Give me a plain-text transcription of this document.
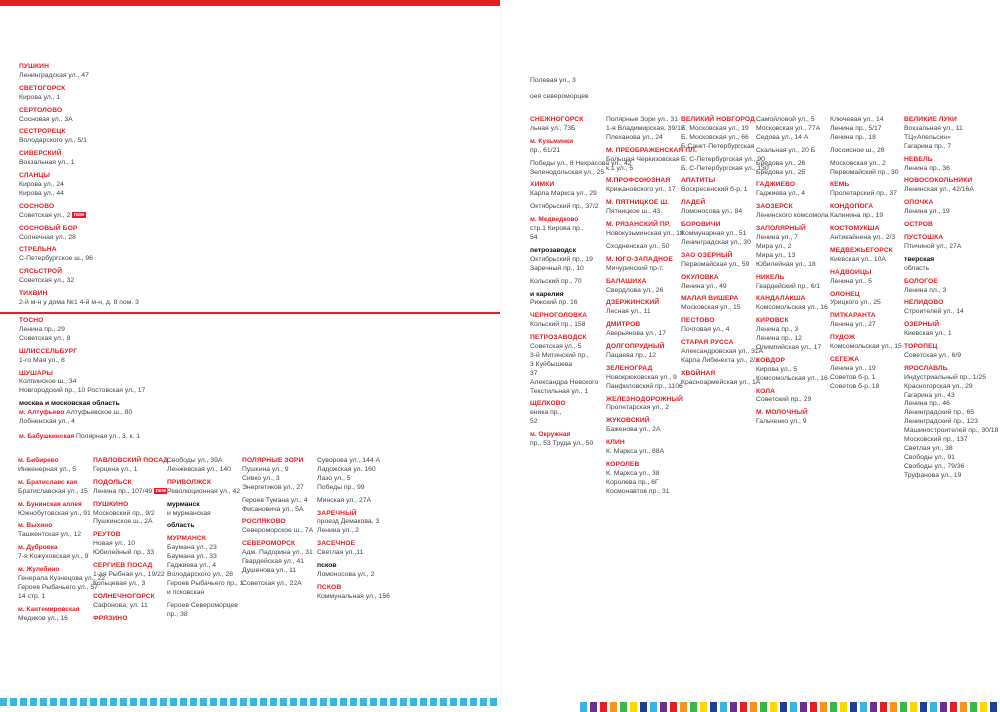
ПУШКИН
Ленинградская ул., 47
СВЕТОГОРСК
Кирова ул., 1
СЕРТОЛОВО
Сосновая ул., 3А
СЕСТРОРЕЦК
Володарского ул., 5/1
СИВЕРСКИЙ
Вокзальная ул., 1
СЛАНЦЫ
Кирова ул., 24
Кирова ул., 44
СОСНОВО
Советская ул., 2 new
СОСНОВЫЙ БОР
Солнечная ул., 28
СТРЕЛЬНА
С-Петербургское ш., 96
СЯСЬСТРОЙ
Советская ул., 32
ТИХВИН
2-й м-н у дома №1 4-й м-н, д. 8 пом. 3
ТОСНО
Ленина пр., 29
Советская ул., 8
ШЛИССЕЛЬБУРГ
1-го Мая ул., 8
ШУШАРЫ
Колпинское ш., 34
Новгородский пр., 10 Ростовская ул., 17
москва и московская область
м. Алтуфьево Алтуфьевское ш., 80
Лобненская ул., 4
м. Бабушкинская Полярная ул., 3, к. 1
м. Бибирево
Инженерная ул., 5
м. Братиславс кая
Братиславская ул., 15
м. Бунинская аллея
Южнобутовская ул., 91
м. Выхино
Ташкентская ул., 12
м. Дубровка
7-я Кожуховская ул., 9
м. Жулебино
Генерала Кузнецова ул., 22
Героев Рыбачьего ул., 57
14 стр. 1
м. Кантемировская
Медиков ул., 16
ПАВЛОВСКИЙ ПОСАД
Герцена ул., 1
ПОДОЛЬСК
Ленина пр., 107/49 new
ПУШКИНО
Московский пр., 9/2
Пушкинское ш., 2А
РЕУТОВ
Новая ул., 10
Юбилейный пр., 33
СЕРГИЕВ ПОСАД
1-ая Рыбная ул., 19/22
Кольцевая ул., 3
СОЛНЕЧНОГОРСК
Сафонова, ул. 11
ФРЯЗИНО
Свободы ул., 39А
Ленжевская ул., 140
ПРИВОЛЖСК
Революционная ул., 42
мурманск
и мурманская
область
МУРМАНСК
Баумана ул., 23
Баумана ул., 33
Гаджиева ул., 4
Володарского ул., 28
Героев Рыбачьего пр., 1
и псковская
Героев Североморцев
пр., 38
ПОЛЯРНЫЕ ЗОРИ
Пушкина ул., 9
Сивко ул., 3
Энергетиков ул., 27
Героев Тумана ул., 4
Фисановича ул., 5А
РОСЛЯКОВО
Североморское ш., 7А
СЕВЕРОМОРСК
Адм. Падорина ул., 31
Гвардейская ул., 41
Душенова ул., 11
Советская ул., 22А
Суворова ул., 144 А
Ладожская ул. 160
Лазо ул., 5
Победы пр., 99
Минская ул., 27А
ЗАРЕЧНЫЙ
проезд Демакова, 3
Ленина ул., 2
ЗАСЕЧНОЕ
Светлая ул.,11
псков
Ломоносова ул., 2
ПСКОВ
Коммунальная ул., 156
Полевая ул., 3
оея североморцев
СНЕЖНОГОРСК
льная ул., 73Б
м. Кузьминки
пр., 61/21
Победы ул., 8 Некрасова ул., 42
Зеленодольская ул., 25
ХИМКИ
Карла Маркса ул., 29
Октябрьский пр., 37/2
м. Медведково
стр.1 Кирова пр.,
54
петрозаводск
Октябрьский пр., 19
Заречный пр., 10
Кольский пр., 70
и карелия
Рижский пр. 16
ЧЕРНОГОЛОВКА
Кольский пр., 158
ПЕТРОЗАВОДСК
Советская ул., 5
3-й Митинский пр.,
3 Куйбышева
37
Александра Невского
Текстильная ул., 1
ЩЕЛКОВО
еника пр.,
52
м. Окружная
пр., 53 Труда ул., 50
Полярные Зори ул., 31
1-я Владимирская, 39/12
Плеханова ул., 24
М. ПРЕОБРАЖЕНСКАЯ ПЛ.
Большая Черкизовская
к.1 ул., 5
М.ПРОФСОЮЗНАЯ
Крижановского ул., 17
М. ПЯТНИЦКОЕ Ш.
Пятницкое ш., 43
М. РЯЗАНСКИЙ ПР.
Новокузьминская ул., 18
Сходненская ул., 50
М. ЮГО-ЗАПАДНОЕ
Мичуринский пр-т,
БАЛАШИХА
Свердлова ул., 26
ДЗЕРЖИНСКИЙ
Лесная ул., 11
ДМИТРОВ
Аверьянова ул., 17
ДОЛГОПРУДНЫЙ
Пацаева пр., 12
ЗЕЛЕНОГРАД
Новокрюковская ул., 9
Панфиловский пр., 1106
ЖЕЛЕЗНОДОРОЖНЫЙ
Пролетарская ул., 2
ЖУКОВСКИЙ
Баженова ул., 2А
КЛИН
К. Маркса ул., 88А
КОРОЛЕВ
К. Маркса ул., 38
Королева пр., 6Г
Космонавтов пр., 31
ВЕЛИКИЙ НОВГОРОД
Б. Московская ул., 19
Б. Московская ул., 66
Б.Санкт-Петербургская
Б. С-Петербургская ул., 90
Б. С-Петербургская ул., 130
АПАТИТЫ
Воскресенский б-р, 1
ЛАДЕЙ
Ломоносова ул., 84
БОРОВИЧИ
Коммунарная ул., 51
Ленинградская ул., 30
ЗАО ОЗЕРНЫЙ
Первомайская ул., 59
ОКУЛОВКА
Ленина ул., 49
МАЛАЯ ВИШЕРА
Московская ул., 15
ПЕСТОВО
Почтовая ул., 4
СТАРАЯ РУССА
Александровская ул., 31А
Карла Либкнехта ул., 2/1
ХВОЙНАЯ
Красноармейская ул., 1А
Самойловой ул., 5
Московская ул., 77А
Седова ул., 14 А
Скальная ул., 20 Б
Бредова ул., 26
Бредова ул., 25
ГАДЖИЕВО
Гаджиева ул., 4
ЗАОЗЕРСК
Ленинского комсомола
ЗАПОЛЯРНЫЙ
Ленина ул., 7
Мира ул., 2
Мира ул., 13
Юбилейная ул., 18
НИКЕЛЬ
Гвардейский пр., 6/1
КАНДАЛАКША
Комсомольская ул., 16
КИРОВСК
Ленина пр., 3
Ленина пр., 12
Олимпийская ул., 17
КОВДОР
Кирова ул., 5
Комсомольская ул., 16
КОЛА
Советский пр., 29
М. МОЛОЧНЫЙ
Гальченко ул., 9
Ключевая ул., 14
Ленина пр., 5/17
Ленина пр., 18
Лосоисное ш., 26
Московская ул., 2
Первомайский пр., 30
КЕМЬ
Пролетарский пр., 37
КОНДОПОГА
Калинина пр., 19
КОСТОМУКША
Антикайнена ул., 2/3
МЕДВЕЖЬЕГОРСК
Киевская ул., 10А
НАДВОИЦЫ
Ленина ул., 5
ОЛОНЕЦ
Урицкого ул., 25
ПИТКАРАНТА
Ленина ул., 27
ПУДОЖ
Комсомольская ул., 15
СЕГЕЖА
Ленина ул., 19
Советов б-р, 1
Советов б-р, 18
ВЕЛИКИЕ ЛУКИ
Вокзальная ул., 11
ТЦ«Апельсин»
Гагарина пр., 7
НЕВЕЛЬ
Ленина пр., 36
НОВОСОКОЛЬНИКИ
Ленинская ул., 42/16А
ОПОЧКА
Ленина ул., 19
ОСТРОВ
ПУСТОШКА
Птичиной ул., 27А
тверская
область
БОЛОГОЕ
Ленина пл., 3
НЕЛИДОВО
Строителей ул., 14
ОЗЕРНЫЙ
Киевская ул., 1
ТОРОПЕЦ
Советская ул., 6/9
ЯРОСЛАВЛЬ
Индустриальный пр., 1/25
Красногорская ул., 29
Гагарина ул., 43
Ленина пр., 46
Ленинградский пр., 65
Ленинградский пр., 123
Машиностроителей пр., 30/18
Московский пр., 137
Светлая ул., 38
Свободы ул., 91
Свободы ул., 79/36
Труфанова ул., 19
